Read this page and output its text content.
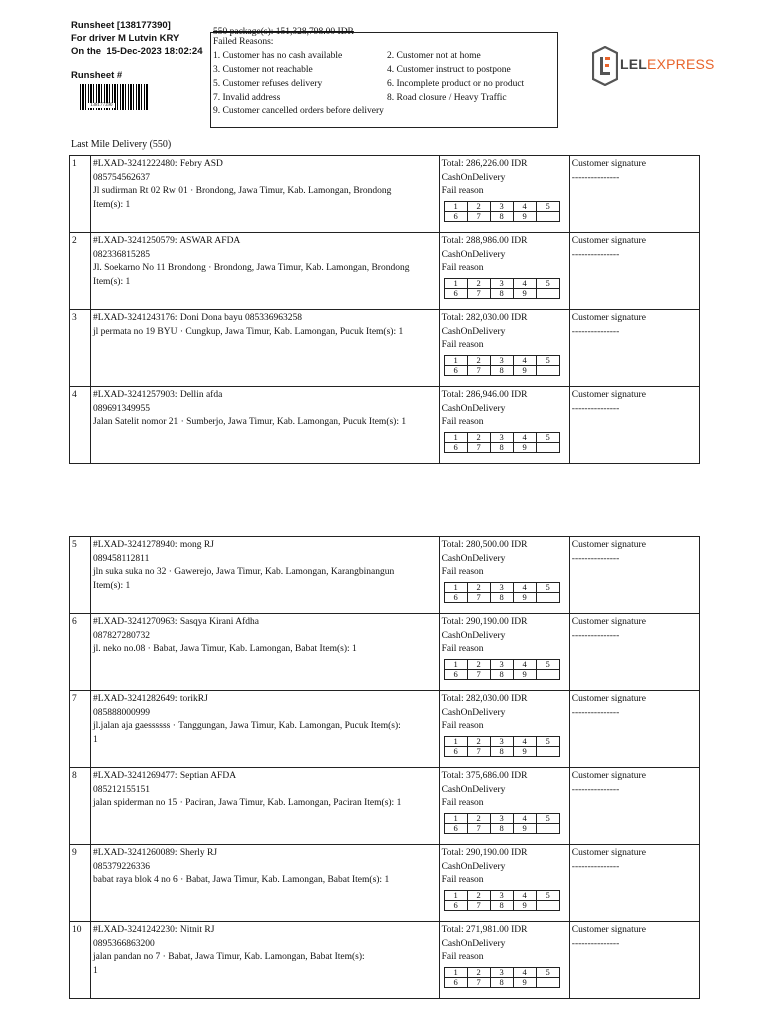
Runsheet [138177390]
For driver M Lutvin KRY
On the  15-Dec-2023 18:02:24
Runsheet #
138177390
550 package(s): 151,328,798.00 IDR
Failed Reasons:
1. Customer has no cash available	2. Customer not at home
3. Customer not reachable	4. Customer instruct to postpone
5. Customer refuses delivery	6. Incomplete product or no product
7. Invalid address	8. Road closure / Heavy Traffic
9. Customer cancelled orders before delivery
LELEXPRESS
Last Mile Delivery (550)
1	#LXAD-3241222480: Febry ASD
085754562637
Jl sudirman Rt 02 Rw 01 · Brondong, Jawa Timur, Kab. Lamongan, Brondong
Item(s): 1

Total: 286,226.00 IDR
CashOnDelivery
Fail reason
1	2	3	4	5
6	7	8	9	

Customer signature
---------------

2	#LXAD-3241250579: ASWAR AFDA
082336815285
Jl. Soekarno No 11 Brondong · Brondong, Jawa Timur, Kab. Lamongan, Brondong
Item(s): 1

Total: 288,986.00 IDR
CashOnDelivery
Fail reason
1	2	3	4	5
6	7	8	9	

Customer signature
---------------

3	#LXAD-3241243176: Doni Dona bayu 085336963258
jl permata no 19 BYU · Cungkup, Jawa Timur, Kab. Lamongan, Pucuk Item(s): 1

Total: 282,030.00 IDR
CashOnDelivery
Fail reason
1	2	3	4	5
6	7	8	9	

Customer signature
---------------

4	#LXAD-3241257903: Dellin afda
089691349955
Jalan Satelit nomor 21 · Sumberjo, Jawa Timur, Kab. Lamongan, Pucuk Item(s): 1

Total: 286,946.00 IDR
CashOnDelivery
Fail reason
1	2	3	4	5
6	7	8	9	

Customer signature
---------------
5	#LXAD-3241278940: mong RJ
089458112811
jln suka suka no 32 · Gawerejo, Jawa Timur, Kab. Lamongan, Karangbinangun
Item(s): 1

Total: 280,500.00 IDR
CashOnDelivery
Fail reason
1	2	3	4	5
6	7	8	9	

Customer signature
---------------

6	#LXAD-3241270963: Sasqya Kirani Afdha
087827280732
jl. neko no.08 · Babat, Jawa Timur, Kab. Lamongan, Babat Item(s): 1

Total: 290,190.00 IDR
CashOnDelivery
Fail reason
1	2	3	4	5
6	7	8	9	

Customer signature
---------------

7	#LXAD-3241282649: torikRJ
085888000999
jl.jalan aja gaessssss · Tanggungan, Jawa Timur, Kab. Lamongan, Pucuk Item(s):
1

Total: 282,030.00 IDR
CashOnDelivery
Fail reason
1	2	3	4	5
6	7	8	9	

Customer signature
---------------

8	#LXAD-3241269477: Septian AFDA
085212155151
jalan spiderman no 15 · Paciran, Jawa Timur, Kab. Lamongan, Paciran Item(s): 1

Total: 375,686.00 IDR
CashOnDelivery
Fail reason
1	2	3	4	5
6	7	8	9	

Customer signature
---------------

9	#LXAD-3241260089: Sherly RJ
085379226336
babat raya blok 4 no 6 · Babat, Jawa Timur, Kab. Lamongan, Babat Item(s): 1

Total: 290,190.00 IDR
CashOnDelivery
Fail reason
1	2	3	4	5
6	7	8	9	

Customer signature
---------------

10	#LXAD-3241242230: Nitnit RJ
0895366863200
jalan pandan no 7 · Babat, Jawa Timur, Kab. Lamongan, Babat Item(s):
1

Total: 271,981.00 IDR
CashOnDelivery
Fail reason
1	2	3	4	5
6	7	8	9	

Customer signature
---------------
